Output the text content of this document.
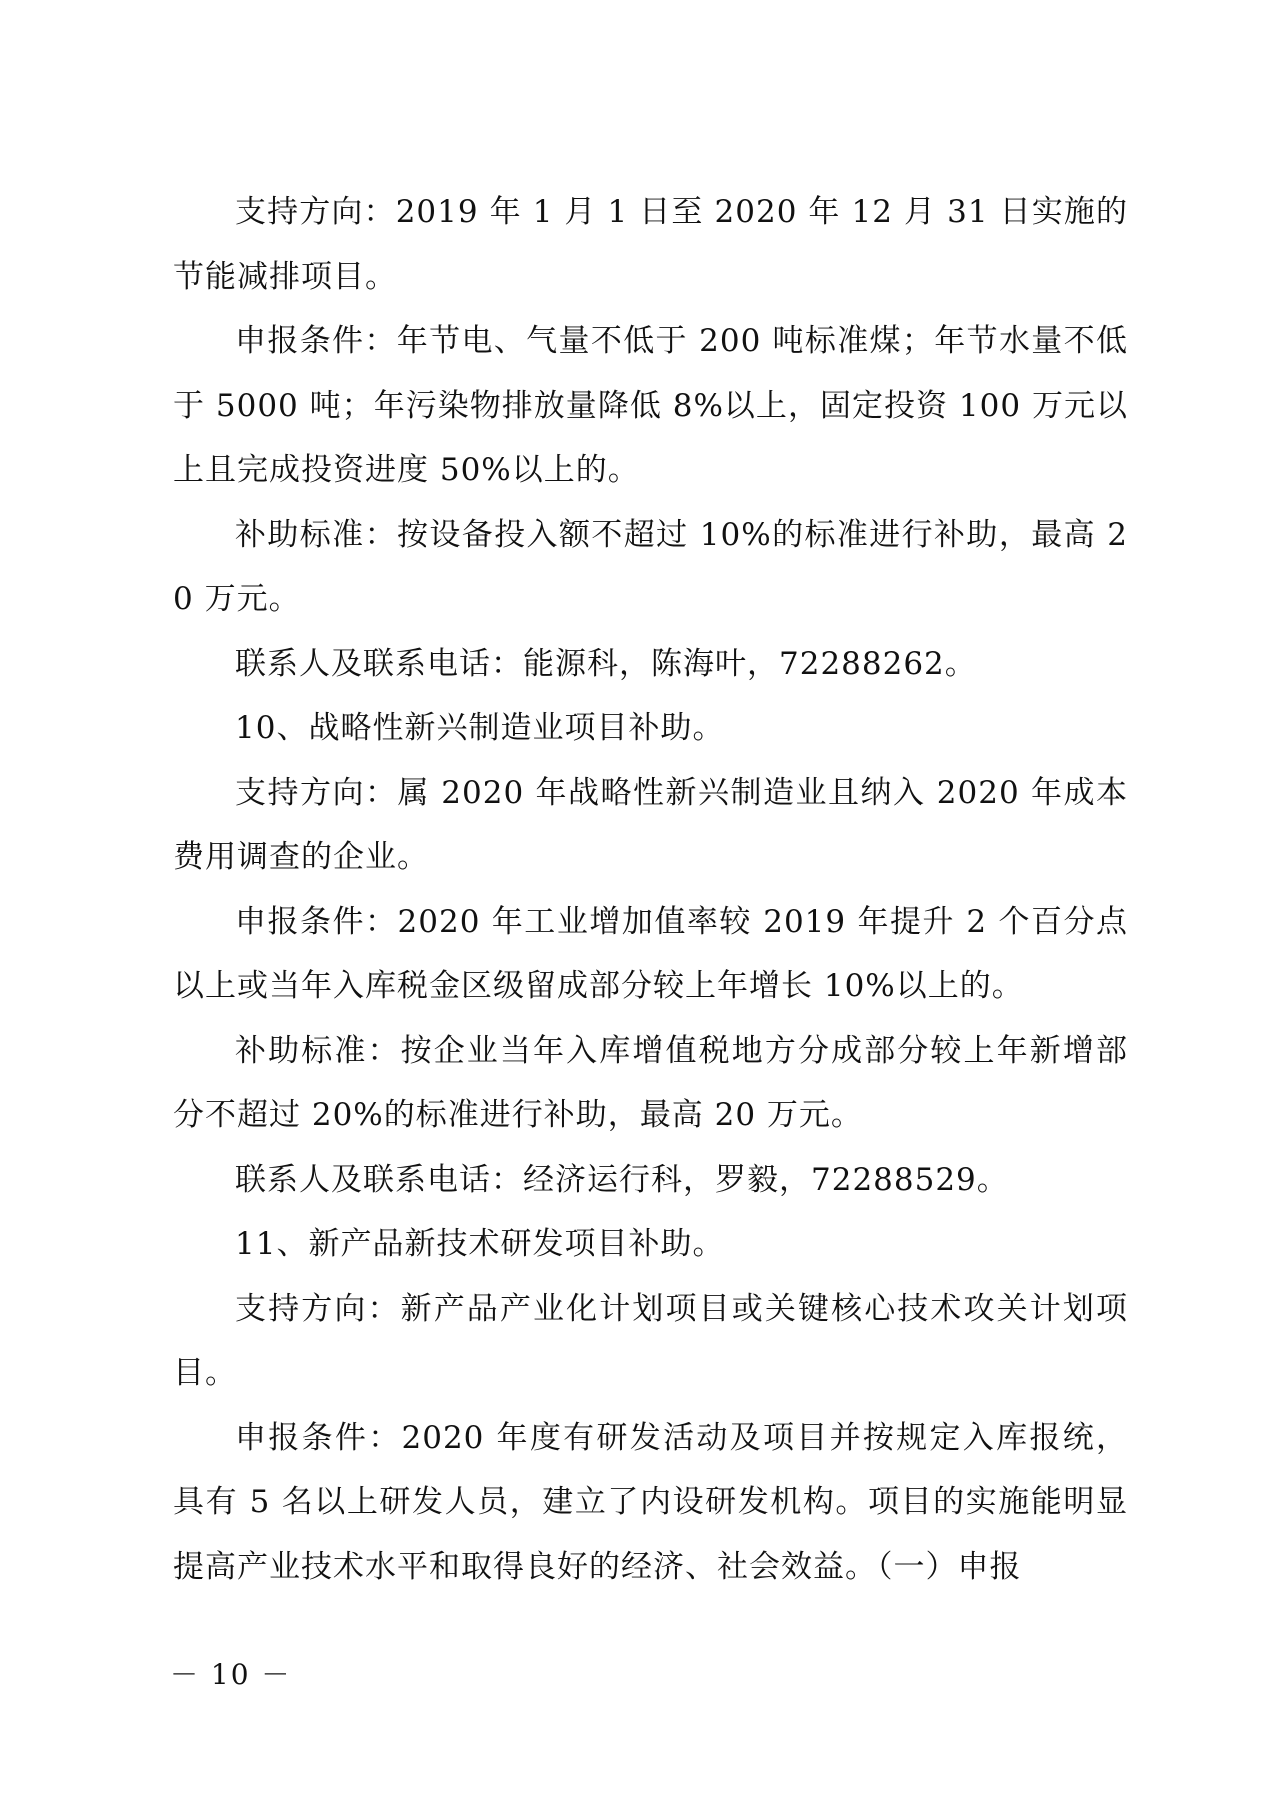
支持方向：2019 年 1 月 1 日至 2020 年 12 月 31 日实施的节能减排项目。

申报条件：年节电、气量不低于 200 吨标准煤；年节水量不低于 5000 吨；年污染物排放量降低 8%以上，固定投资 100 万元以上且完成投资进度 50%以上的。

补助标准：按设备投入额不超过 10%的标准进行补助，最高 20 万元。

联系人及联系电话：能源科，陈海叶，72288262。

10、战略性新兴制造业项目补助。

支持方向：属 2020 年战略性新兴制造业且纳入 2020 年成本费用调查的企业。

申报条件：2020 年工业增加值率较 2019 年提升 2 个百分点以上或当年入库税金区级留成部分较上年增长 10%以上的。

补助标准：按企业当年入库增值税地方分成部分较上年新增部分不超过 20%的标准进行补助，最高 20 万元。

联系人及联系电话：经济运行科，罗毅，72288529。

11、新产品新技术研发项目补助。

支持方向：新产品产业化计划项目或关键核心技术攻关计划项目。

申报条件：2020 年度有研发活动及项目并按规定入库报统，具有 5 名以上研发人员，建立了内设研发机构。项目的实施能明显提高产业技术水平和取得良好的经济、社会效益。（一）申报

－ 10 －
